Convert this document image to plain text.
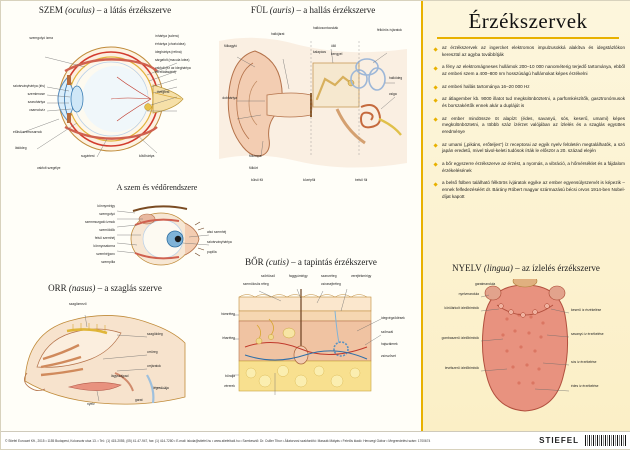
SZEM (oculus) – a látás érzékszerve
szemgolyó izma	ínhártya (sclera)
érhártya (chorioidea)
ideghártya (retina)
sárgafolt (macula lutea)
vakfolt (ez az ideghártya vérellátásáért)
szivárványhártya (iris)
szemlencse
szaruhártya
csarnokvíz
üvegtest
látóideg
elülső szemcsarnok
sugártest
vakfolt szegélye
kötőhártya
FÜL (auris) – a hallás érzékszerve
fülkagyló
hallójárat
dobhártya
fülcimpa
hallócsontocskák
kalapács
üllő
kengyel
félkörös ívjáratok
hallóideg
csiga
fülkürt
külső fül	középfül	belső fül
A szem és védőrendszere
könnymirigy
szemgolyó
szemmozgató izmok
szemöldök
felső szemhéj
könnycsatorna
szemhéjporc
szempilla
alsó szemhéj
szivárványhártya
pupilla
ORR (nasus) – a szaglás szerve
szaglómező
szaglóideg
orrüreg
orrjáratok
lágyszájpad
nyelv
légcső útja
garat
BŐR (cutis) – a tapintás érzékszerve
szőrtüsző	faggyúmirigy
szemölcsös réteg
szaruréteg
csírasejtréteg
verejtékmirigy
hámréteg
irharéteg
bőralja
vérerek
idegvégződések
szőrszál
hajszálerek
zsírszövet
Érzékszervek
az érzékszervek az ingercket elektromos impulzusokká alakítva és idegstázlókon keresztül az agyba továbbítják
a fény az elektromágneses hullámok 200–10 000 nanométerig terjedő tartománya, ebből az emberi szem a 400–800 nm hosszúságú hullámokat képes érzékelni
az emberi hallás tartománya 16–20 000 Hz
az átlagember kb. 9000 illatot tud megkülönböztetni, a parfümkészítők, gasztronómusok és borszakértők ennek akár a duplájút is
az ember mindössze öt alapízt (édes, savanyú, sós, keserű, umami) képes megkülönböztetni, a többb száz ízérzet valójában az ízlelés és a szaglás együttes eredménye
az umami („pikáns, erőteljes”) íz receptorai az egyik nyelv felületén megtalálhatók, a szó japán eredetű, mivel távol-keleti tudósok írták le először a 20. század elején
a bőr egyszerre érzékszerve az érzést, a nyomás, a vibráció, a hőmérséklet és a fájdalom érzékelésének
a belső fülben található félkörös ívjáratok egyike az ember egyensúlyszervét is képezik – ennek felfedezéséért dr. Bárány Róbert magyar származású bécsi orvos 1914-ben Nobel-díjat kapott
NYELV (lingua) – az ízlelés érzékszerve
nyelvmandula
körülárkolt ízlelőbimbók
gombaszerű ízlelőbimbók
levélszerű ízlelőbimbók
keserű íz érzékelése
savanyú íz érzékelése
sós íz érzékelése
édes íz érzékelése
garatmandula
© Stiefel Eurocart Kft., 2015 • 1155 Budapest, Kolozsvár utca 13. • Tel.: (1) 415-2055, (05) 41-47-947, fax: (1) 414-7280 • E-mail: iskola@stiefel.hu • www.stiefeltudi.hu • Szerkesztő: Dr. Csiller Tibor • Állatorvosi szakfordító: Maszák Mátyás • Felelős kiadó: Herczegi Gábor • Megrendelési szám: 1700674	STIEFEL
